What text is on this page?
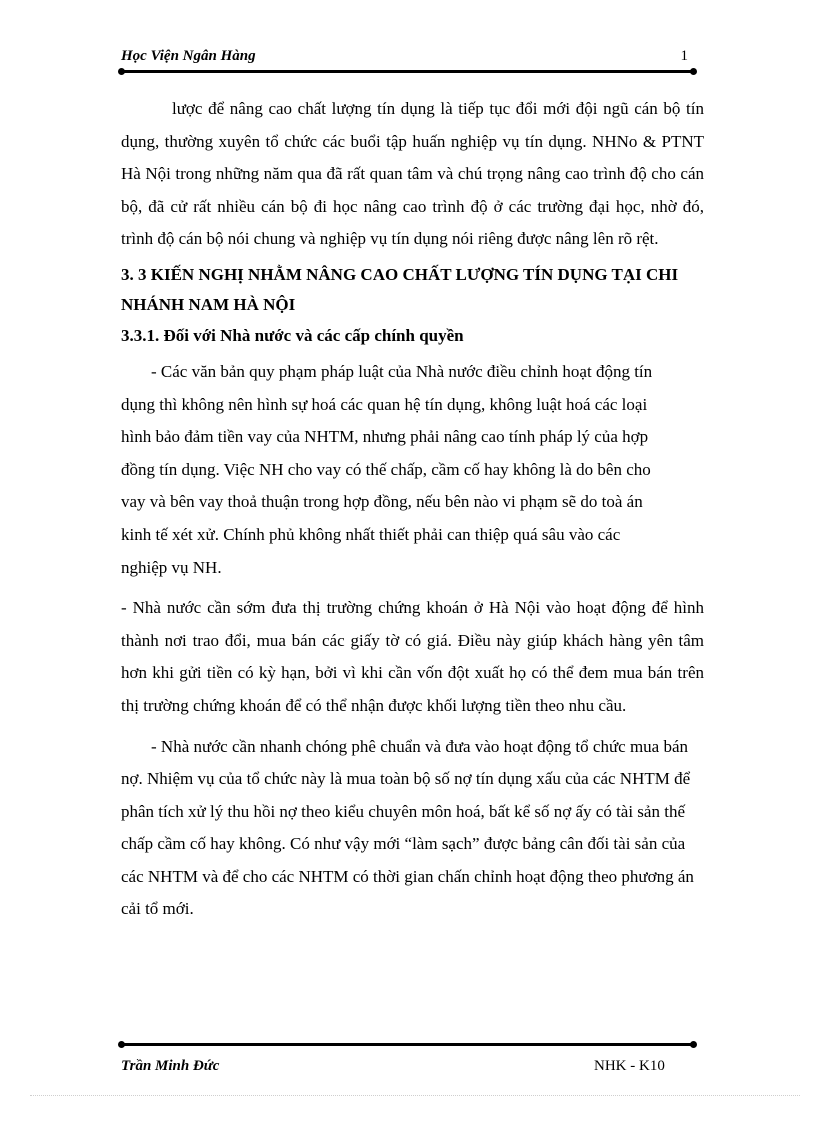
Học Viện Ngân Hàng	1

lược để nâng cao chất lượng tín dụng là tiếp tục đổi mới đội ngũ cán bộ tín dụng, thường xuyên tổ chức các buổi tập huấn nghiệp vụ tín dụng. NHNo & PTNT Hà Nội trong những năm qua đã rất quan tâm và chú trọng nâng cao trình độ cho cán bộ, đã cử rất nhiều cán bộ đi học nâng cao trình độ ở các trường đại học, nhờ đó, trình độ cán bộ nói chung và nghiệp vụ tín dụng nói riêng được nâng lên rõ rệt.

3. 3 KIẾN NGHỊ NHẰM NÂNG CAO CHẤT LƯỢNG TÍN DỤNG TẠI CHI NHÁNH NAM HÀ NỘI

3.3.1. Đối với Nhà nước và các cấp chính quyền

- Các văn bản quy phạm pháp luật của Nhà nước điều chỉnh hoạt động tín dụng thì không nên hình sự hoá các quan hệ tín dụng, không luật hoá các loại hình bảo đảm tiền vay của NHTM, nhưng phải nâng cao tính pháp lý của hợp đồng tín dụng. Việc NH cho vay có thế chấp, cầm cố hay không là do bên cho vay và bên vay thoả thuận trong hợp đồng, nếu bên nào vi phạm sẽ do toà án kinh tế xét xử. Chính phủ không nhất thiết phải can thiệp quá sâu vào các nghiệp vụ NH.

- Nhà nước cần sớm đưa thị trường chứng khoán ở Hà Nội vào hoạt động để hình thành nơi trao đổi, mua bán các giấy tờ có giá. Điều này giúp khách hàng yên tâm hơn khi gửi tiền có kỳ hạn, bởi vì khi cần vốn đột xuất họ có thể đem mua bán trên thị trường chứng khoán để có thể nhận được khối lượng tiền theo nhu cầu.

- Nhà nước cần nhanh chóng phê chuẩn và đưa vào hoạt động tổ chức mua bán nợ. Nhiệm vụ của tổ chức này là mua toàn bộ số nợ tín dụng xấu của các NHTM để phân tích xử lý thu hồi nợ theo kiểu chuyên môn hoá, bất kể số nợ ấy có tài sản thế chấp cầm cố hay không. Có như vậy mới “làm sạch” được bảng cân đối tài sản của các NHTM và để cho các NHTM có thời gian chấn chỉnh hoạt động theo phương án cải tổ mới.

Trần Minh Đức	NHK - K10
